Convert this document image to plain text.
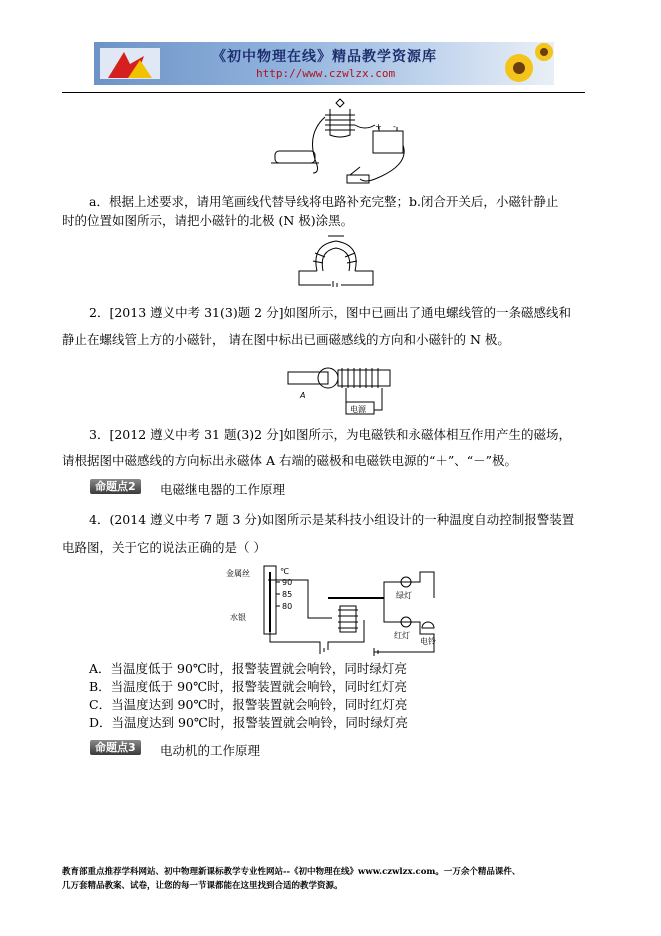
《初中物理在线》精品教学资源库
http://www.czwlzx.com
+ -
a．根据上述要求，请用笔画线代替导线将电路补充完整；b.闭合开关后，小磁针静止
时的位置如图所示，请把小磁针的北极 (N 极)涂黑。
2．[2013 遵义中考 31(3)题 2 分]如图所示，图中已画出了通电螺线管的一条磁感线和
静止在螺线管上方的小磁针， 请在图中标出已画磁感线的方向和小磁针的 N 极。
A
电源
3．[2012 遵义中考 31 题(3)2 分]如图所示，为电磁铁和永磁体相互作用产生的磁场，
请根据图中磁感线的方向标出永磁体 A 右端的磁极和电磁铁电源的“＋”、“－”极。
命题点2	电磁继电器的工作原理
4．(2014 遵义中考 7 题 3 分)如图所示是某科技小组设计的一种温度自动控制报警装置
电路图，关于它的说法正确的是（ ）
金属丝
水银
℃
90
85
80
绿灯
红灯
电铃
A．当温度低于 90℃时，报警装置就会响铃，同时绿灯亮
B．当温度低于 90℃时，报警装置就会响铃，同时红灯亮
C．当温度达到 90℃时，报警装置就会响铃，同时红灯亮
D．当温度达到 90℃时，报警装置就会响铃，同时绿灯亮
命题点3	电动机的工作原理
教育部重点推荐学科网站、初中物理新课标教学专业性网站--《初中物理在线》www.czwlzx.com。一万余个精品课件、
几万套精品教案、试卷，让您的每一节课都能在这里找到合适的教学资源。
